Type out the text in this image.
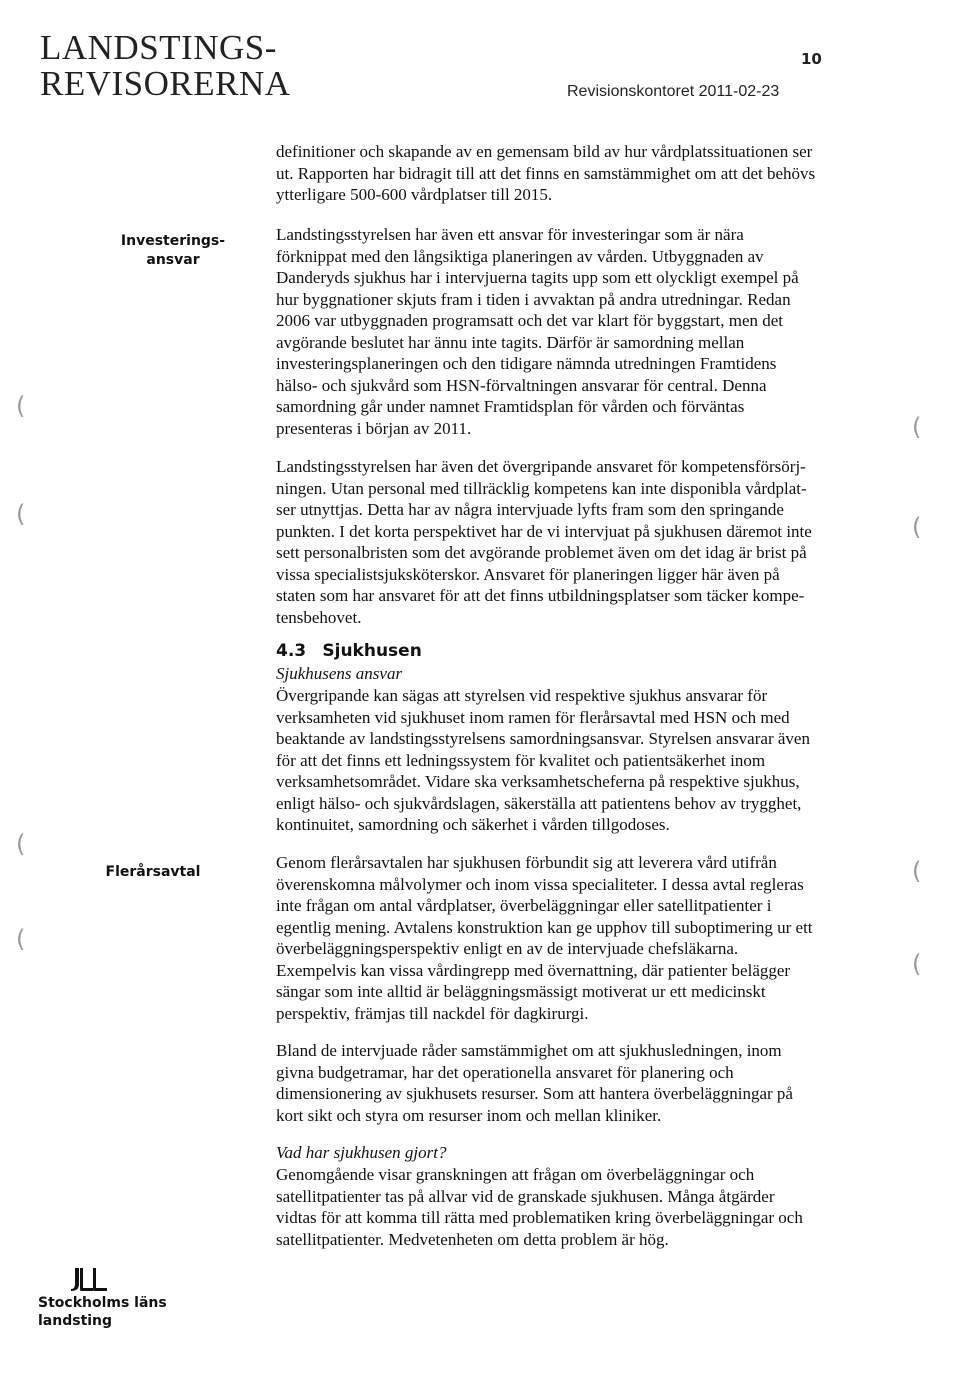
LANDSTINGS-
REVISORERNA
10
Revisionskontoret 2011-02-23
definitioner och skapande av en gemensam bild av hur vårdplatssituationen ser
ut. Rapporten har bidragit till att det finns en samstämmighet om att det behövs
ytterligare 500-600 vårdplatser till 2015.
Investerings-
ansvar
Landstingsstyrelsen har även ett ansvar för investeringar som är nära
förknippat med den långsiktiga planeringen av vården. Utbyggnaden av
Danderyds sjukhus har i intervjuerna tagits upp som ett olyckligt exempel på
hur byggnationer skjuts fram i tiden i avvaktan på andra utredningar. Redan
2006 var utbyggnaden programsatt och det var klart för byggstart, men det
avgörande beslutet har ännu inte tagits. Därför är samordning mellan
investeringsplaneringen och den tidigare nämnda utredningen Framtidens
hälso- och sjukvård som HSN-förvaltningen ansvarar för central. Denna
samordning går under namnet Framtidsplan för vården och förväntas
presenteras i början av 2011.
Landstingsstyrelsen har även det övergripande ansvaret för kompetensförsörj-
ningen. Utan personal med tillräcklig kompetens kan inte disponibla vårdplat-
ser utnyttjas. Detta har av några intervjuade lyfts fram som den springande
punkten. I det korta perspektivet har de vi intervjuat på sjukhusen däremot inte
sett personalbristen som det avgörande problemet även om det idag är brist på
vissa specialistsjuksköterskor. Ansvaret för planeringen ligger här även på
staten som har ansvaret för att det finns utbildningsplatser som täcker kompe-
tensbehovet.
4.3 Sjukhusen
Sjukhusens ansvar
Övergripande kan sägas att styrelsen vid respektive sjukhus ansvarar för
verksamheten vid sjukhuset inom ramen för flerårsavtal med HSN och med
beaktande av landstingsstyrelsens samordningsansvar. Styrelsen ansvarar även
för att det finns ett ledningssystem för kvalitet och patientsäkerhet inom
verksamhetsområdet. Vidare ska verksamhetscheferna på respektive sjukhus,
enligt hälso- och sjukvårdslagen, säkerställa att patientens behov av trygghet,
kontinuitet, samordning och säkerhet i vården tillgodoses.
Flerårsavtal	Genom flerårsavtalen har sjukhusen förbundit sig att leverera vård utifrån
överenskomna målvolymer och inom vissa specialiteter. I dessa avtal regleras
inte frågan om antal vårdplatser, överbeläggningar eller satellitpatienter i
egentlig mening. Avtalens konstruktion kan ge upphov till suboptimering ur ett
överbeläggningsperspektiv enligt en av de intervjuade chefsläkarna.
Exempelvis kan vissa vårdingrepp med övernattning, där patienter belägger
sängar som inte alltid är beläggningsmässigt motiverat ur ett medicinskt
perspektiv, främjas till nackdel för dagkirurgi.
Bland de intervjuade råder samstämmighet om att sjukhusledningen, inom
givna budgetramar, har det operationella ansvaret för planering och
dimensionering av sjukhusets resurser. Som att hantera överbeläggningar på
kort sikt och styra om resurser inom och mellan kliniker.
Vad har sjukhusen gjort?
Genomgående visar granskningen att frågan om överbeläggningar och
satellitpatienter tas på allvar vid de granskade sjukhusen. Många åtgärder
vidtas för att komma till rätta med problematiken kring överbeläggningar och
satellitpatienter. Medvetenheten om detta problem är hög.
Stockholms läns
landsting
(
(
(
(
(
(
(
(
